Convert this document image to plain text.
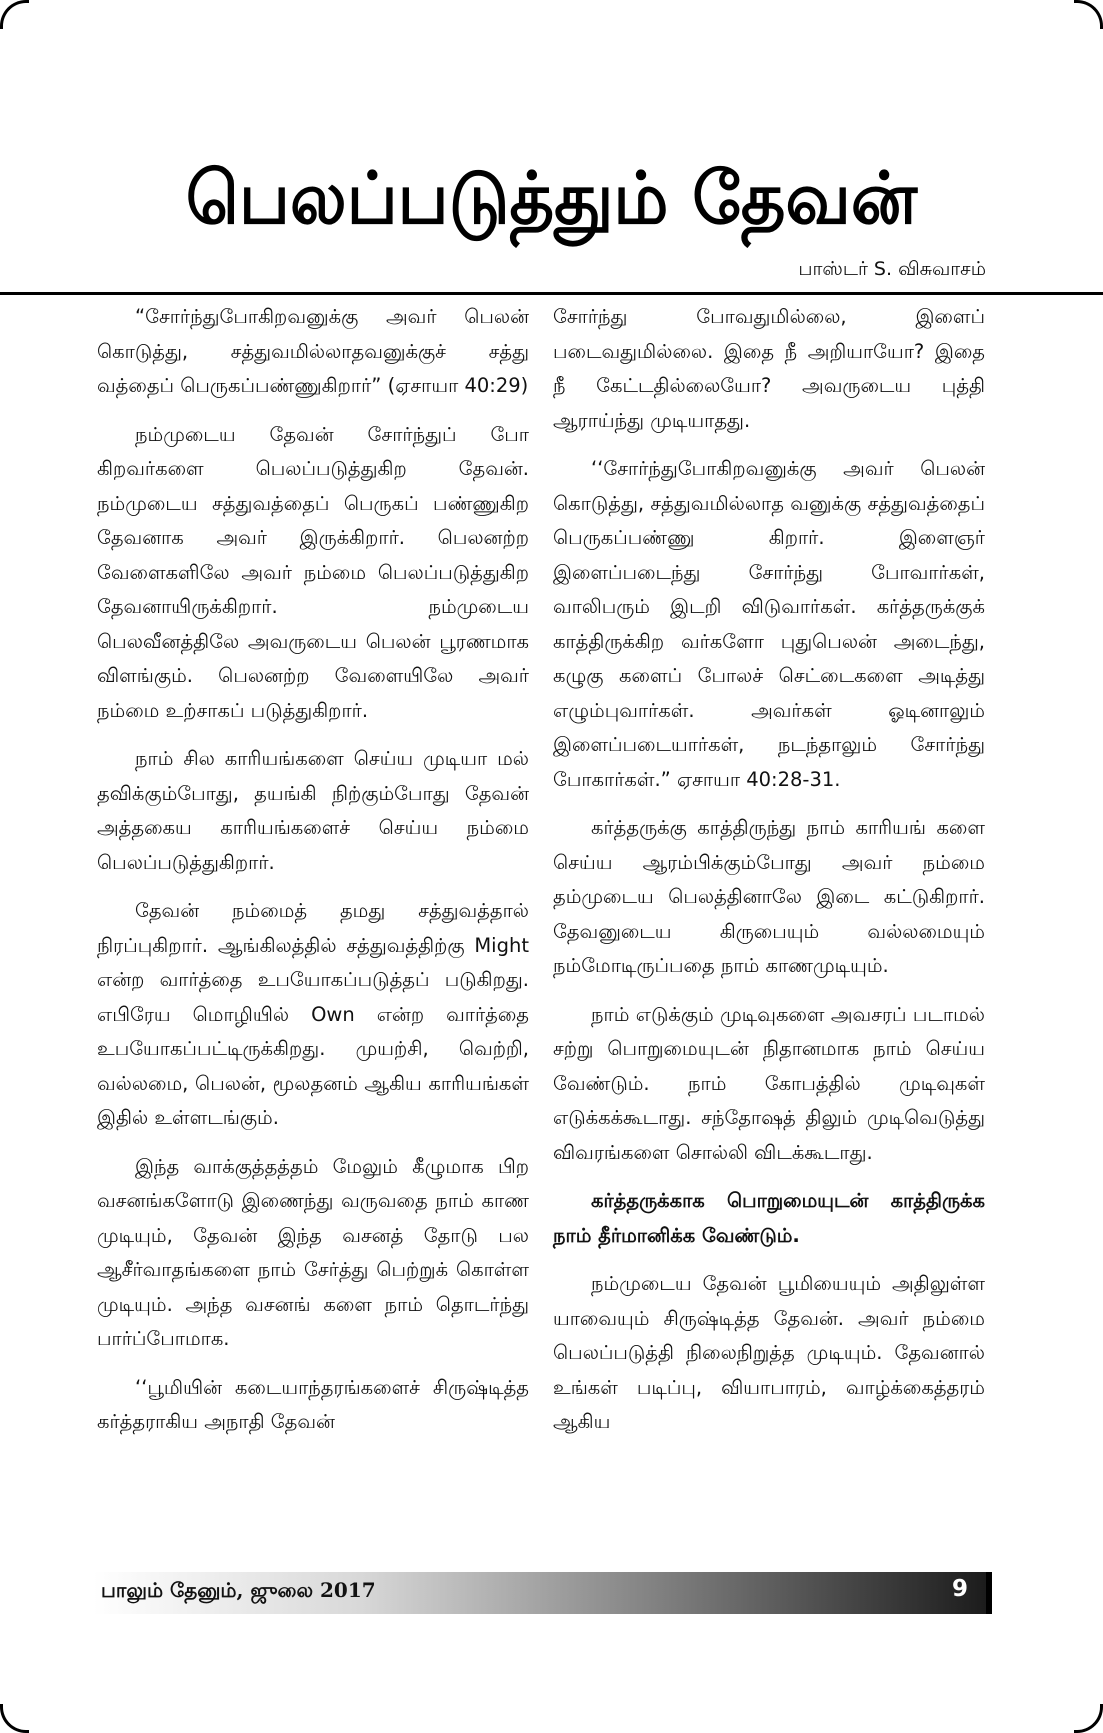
பெலப்படுத்தும் தேவன்
பாஸ்டர் S. விசுவாசம்

“சோர்ந்துபோகிறவனுக்கு அவர் பெலன் கொடுத்து, சத்துவமில்லாதவனுக்குச் சத்து வத்தைப் பெருகப்பண்ணுகிறார்” (ஏசாயா 40:29)

நம்முடைய தேவன் சோர்ந்துப் போ கிறவர்களை பெலப்படுத்துகிற தேவன். நம்முடைய சத்துவத்தைப் பெருகப் பண்ணுகிற தேவனாக அவர் இருக்கிறார். பெலனற்ற வேளைகளிலே அவர் நம்மை பெலப்படுத்துகிற தேவனாயிருக்கிறார். நம்முடைய பெலவீனத்திலே அவருடைய பெலன் பூரணமாக விளங்கும். பெலனற்ற வேளையிலே அவர் நம்மை உற்சாகப் படுத்துகிறார்.

நாம் சில காரியங்களை செய்ய முடியா மல் தவிக்கும்போது, தயங்கி நிற்கும்போது தேவன் அத்தகைய காரியங்களைச் செய்ய நம்மை பெலப்படுத்துகிறார்.

தேவன் நம்மைத் தமது சத்துவத்தால் நிரப்புகிறார். ஆங்கிலத்தில் சத்துவத்திற்கு Might என்ற வார்த்தை உபயோகப்படுத்தப் படுகிறது. எபிரேய மொழியில் Own என்ற வார்த்தை உபயோகப்பட்டிருக்கிறது. முயற்சி, வெற்றி, வல்லமை, பெலன், மூலதனம் ஆகிய காரியங்கள் இதில் உள்ளடங்கும்.

இந்த வாக்குத்தத்தம் மேலும் கீழுமாக பிற வசனங்களோடு இணைந்து வருவதை நாம் காண முடியும், தேவன் இந்த வசனத் தோடு பல ஆசீர்வாதங்களை நாம் சேர்த்து பெற்றுக் கொள்ள முடியும். அந்த வசனங் களை நாம் தொடர்ந்து பார்ப்போமாக.

‘‘பூமியின் கடையாந்தரங்களைச் சிருஷ்டித்த கர்த்தராகிய அநாதி தேவன்

சோர்ந்து போவதுமில்லை, இளைப் படைவதுமில்லை. இதை நீ அறியாயோ? இதை நீ கேட்டதில்லையோ? அவருடைய புத்தி ஆராய்ந்து முடியாதது.

‘‘சோர்ந்துபோகிறவனுக்கு அவர் பெலன் கொடுத்து, சத்துவமில்லாத வனுக்கு சத்துவத்தைப் பெருகப்பண்ணு கிறார். இளைஞர் இளைப்படைந்து சோர்ந்து போவார்கள், வாலிபரும் இடறி விடுவார்கள். கர்த்தருக்குக் காத்திருக்கிற வர்களோ புதுபெலன் அடைந்து, கழுகு களைப் போலச் செட்டைகளை அடித்து எழும்புவார்கள். அவர்கள் ஓடினாலும் இளைப்படையார்கள், நடந்தாலும் சோர்ந்து போகார்கள்.” ஏசாயா 40:28-31.

கர்த்தருக்கு காத்திருந்து நாம் காரியங் களை செய்ய ஆரம்பிக்கும்போது அவர் நம்மை தம்முடைய பெலத்தினாலே இடை கட்டுகிறார். தேவனுடைய கிருபையும் வல்லமையும் நம்மோடிருப்பதை நாம் காணமுடியும்.

நாம் எடுக்கும் முடிவுகளை அவசரப் படாமல் சற்று பொறுமையுடன் நிதானமாக நாம் செய்ய வேண்டும். நாம் கோபத்தில் முடிவுகள் எடுக்கக்கூடாது. சந்தோஷத் திலும் முடிவெடுத்து விவரங்களை சொல்லி விடக்கூடாது.

கர்த்தருக்காக பொறுமையுடன் காத்திருக்க நாம் தீர்மானிக்க வேண்டும்.

நம்முடைய தேவன் பூமியையும் அதிலுள்ள யாவையும் சிருஷ்டித்த தேவன். அவர் நம்மை பெலப்படுத்தி நிலைநிறுத்த முடியும். தேவனால் உங்கள் படிப்பு, வியாபாரம், வாழ்க்கைத்தரம் ஆகிய

பாலும் தேனும், ஜுலை 2017	9
